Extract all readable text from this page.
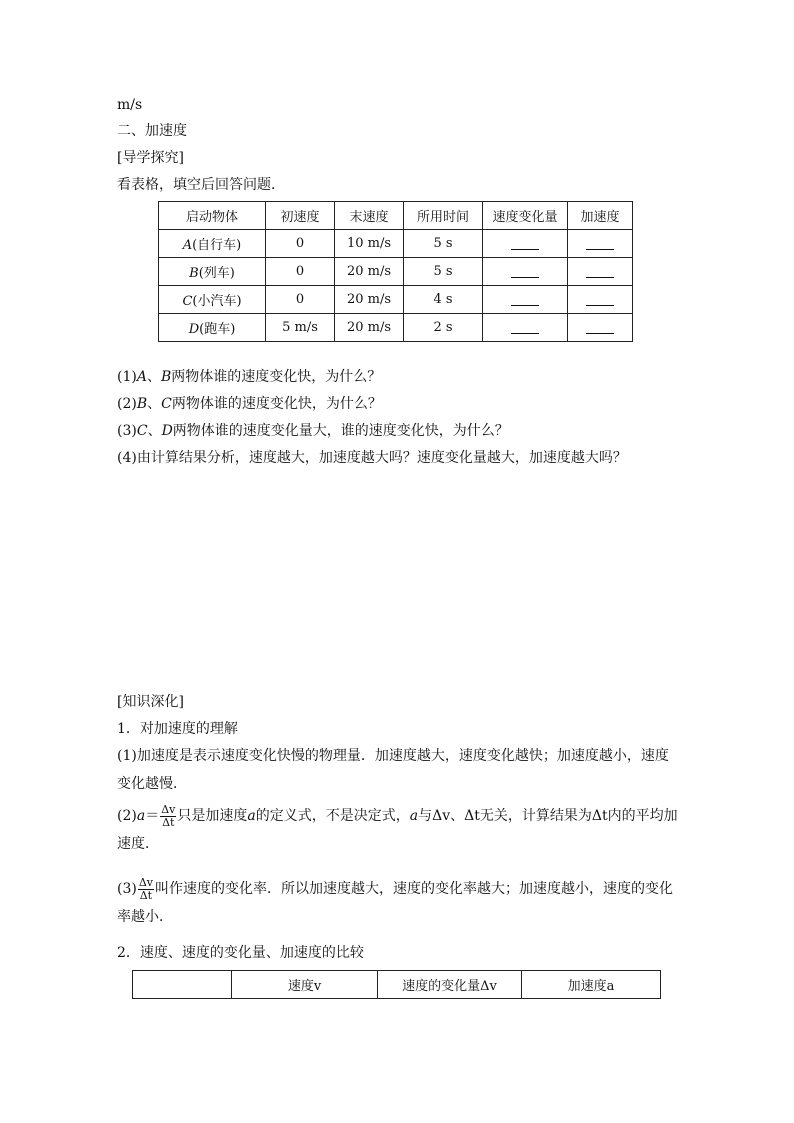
m/s
二、加速度
[导学探究]
看表格，填空后回答问题．
启动物体	初速度	末速度	所用时间	速度变化量	加速度
A(自行车)	0	10 m/s	5 s		
B(列车)	0	20 m/s	5 s		
C(小汽车)	0	20 m/s	4 s		
D(跑车)	5 m/s	20 m/s	2 s		
(1)A、B两物体谁的速度变化快，为什么？
(2)B、C两物体谁的速度变化快，为什么？
(3)C、D两物体谁的速度变化量大，谁的速度变化快，为什么？
(4)由计算结果分析，速度越大，加速度越大吗？速度变化量越大，加速度越大吗？
[知识深化]
1．对加速度的理解
(1)加速度是表示速度变化快慢的物理量．加速度越大，速度变化越快；加速度越小，速度变化越慢．
$(2)a= \frac{\Delta v}{\Delta t}$ 只是加速度a的定义式，不是决定式，a与Δv、Δt无关，计算结果为Δt内的平均加速度．
$(3) \frac{\Delta v}{\Delta t}$ 叫作速度的变化率．所以加速度越大，速度的变化率越大；加速度越小，速度的变化率越小．
2．速度、速度的变化量、加速度的比较
	速度v	速度的变化量Δv	加速度a
